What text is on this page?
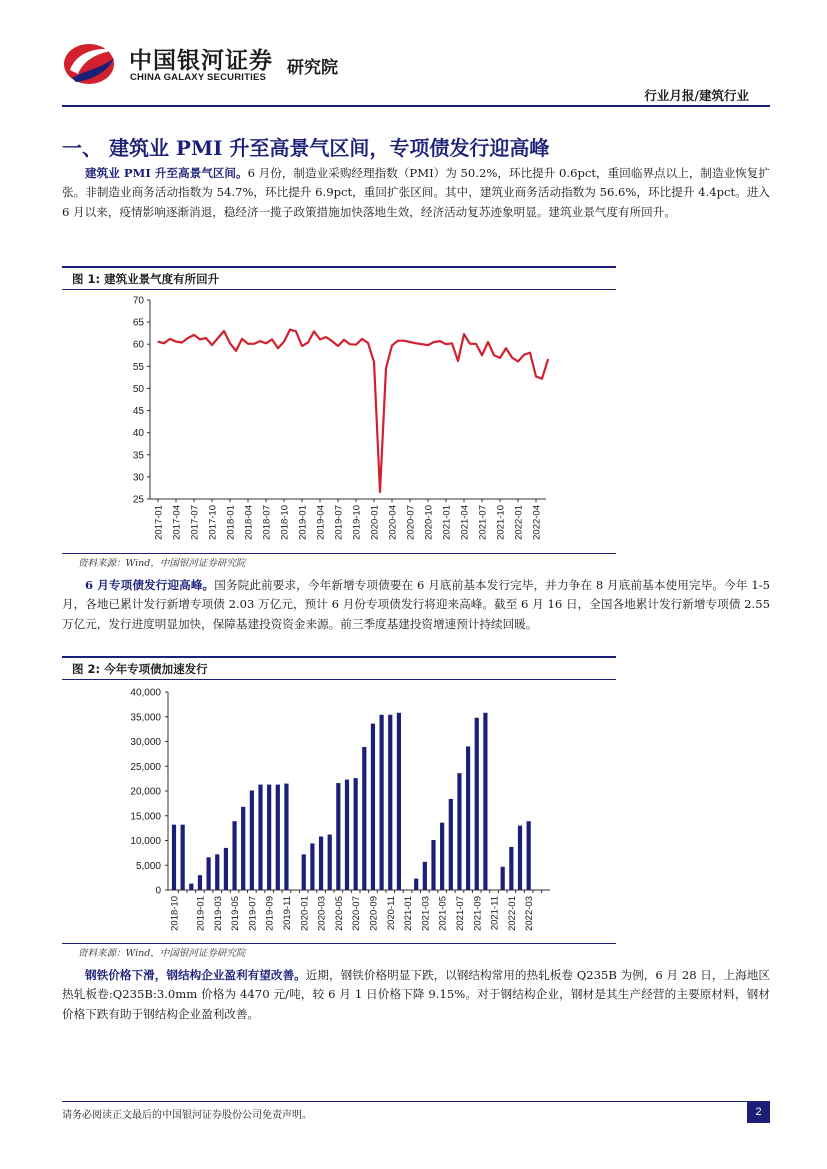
中国银河证券
CHINA GALAXY SECURITIES 研究院
行业月报/建筑行业
一、 建筑业 PMI 升至高景气区间，专项债发行迎高峰

建筑业 PMI 升至高景气区间。6 月份，制造业采购经理指数（PMI）为 50.2%，环比提升 0.6pct，重回临界点以上，制造业恢复扩张。非制造业商务活动指数为 54.7%，环比提升 6.9pct，重回扩张区间。其中，建筑业商务活动指数为 56.6%，环比提升 4.4pct。进入 6 月以来，疫情影响逐渐消退，稳经济一揽子政策措施加快落地生效，经济活动复苏迹象明显。建筑业景气度有所回升。

图 1: 建筑业景气度有所回升
25
30
35
40
45
50
55
60
65
70
2017-01 2017-04 2017-07 2017-10 2018-01 2018-04 2018-07 2018-10 2019-01 2019-04 2019-07 2019-10 2020-01 2020-04 2020-07 2020-10 2021-01 2021-04 2021-07 2021-10 2022-01 2022-04
资料来源：Wind，中国银河证券研究院

6 月专项债发行迎高峰。国务院此前要求，今年新增专项债要在 6 月底前基本发行完毕，并力争在 8 月底前基本使用完毕。今年 1-5 月，各地已累计发行新增专项债 2.03 万亿元，预计 6 月份专项债发行将迎来高峰。截至 6 月 16 日，全国各地累计发行新增专项债 2.55 万亿元，发行进度明显加快，保障基建投资资金来源。前三季度基建投资增速预计持续回暖。

图 2: 今年专项债加速发行
0
5,000
10,000
15,000
20,000
25,000
30,000
35,000
40,000
2018-10 2019-01 2019-03 2019-05 2019-07 2019-09 2019-11 2020-01 2020-03 2020-05 2020-07 2020-09 2020-11 2021-01 2021-03 2021-05 2021-07 2021-09 2021-11 2022-01 2022-03
资料来源：Wind，中国银河证券研究院

钢铁价格下滑，钢结构企业盈利有望改善。近期，钢铁价格明显下跌，以钢结构常用的热轧板卷 Q235B 为例，6 月 28 日，上海地区热轧板卷:Q235B:3.0mm 价格为 4470 元/吨，较 6 月 1 日价格下降 9.15%。对于钢结构企业，钢材是其生产经营的主要原材料，钢材价格下跌有助于钢结构企业盈利改善。

请务必阅读正文最后的中国银河证券股份公司免责声明。	2
